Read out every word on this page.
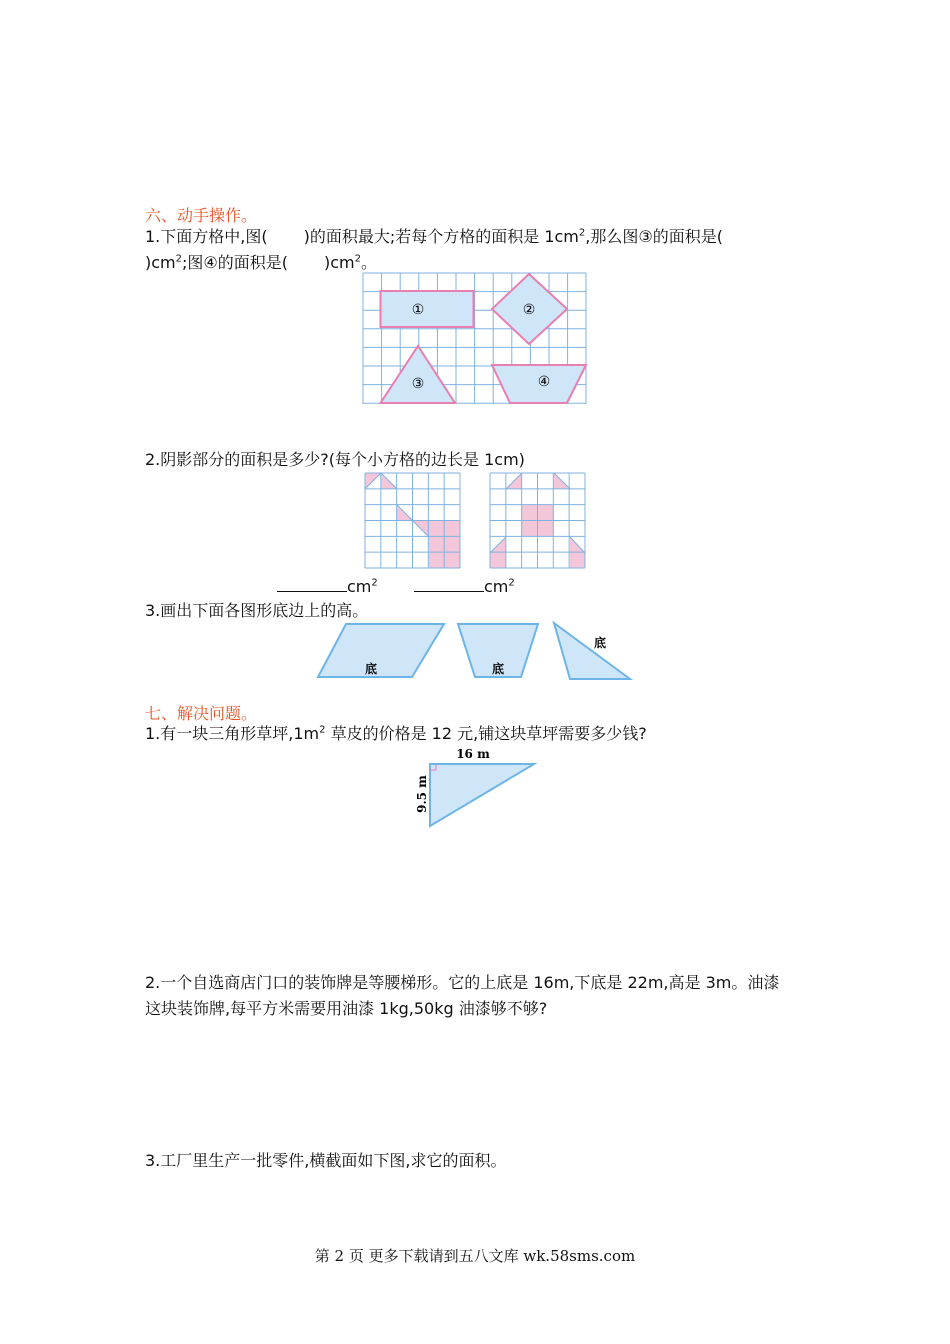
六、动手操作。
1.下面方格中,图( )的面积最大;若每个方格的面积是 $1cm^2$,那么图③的面积是(
)$cm^2$;图④的面积是( )$cm^2$。
①	②
③	④
2.阴影部分的面积是多少?(每个小方格的边长是 1cm)
$cm^2$	$cm^2$
3.画出下面各图形底边上的高。
底	底
底
七、解决问题。
1.有一块三角形草坪$,1m^2$ 草皮的价格是 12 元,铺这块草坪需要多少钱?
16 m
9.5 m
2.一个自选商店门口的装饰牌是等腰梯形。它的上底是 16m,下底是 22m,高是 3m。油漆
这块装饰牌,每平方米需要用油漆 1kg,50kg 油漆够不够?
3.工厂里生产一批零件,横截面如下图,求它的面积。
第 2 页 更多下载请到五八文库 wk.58sms.com
